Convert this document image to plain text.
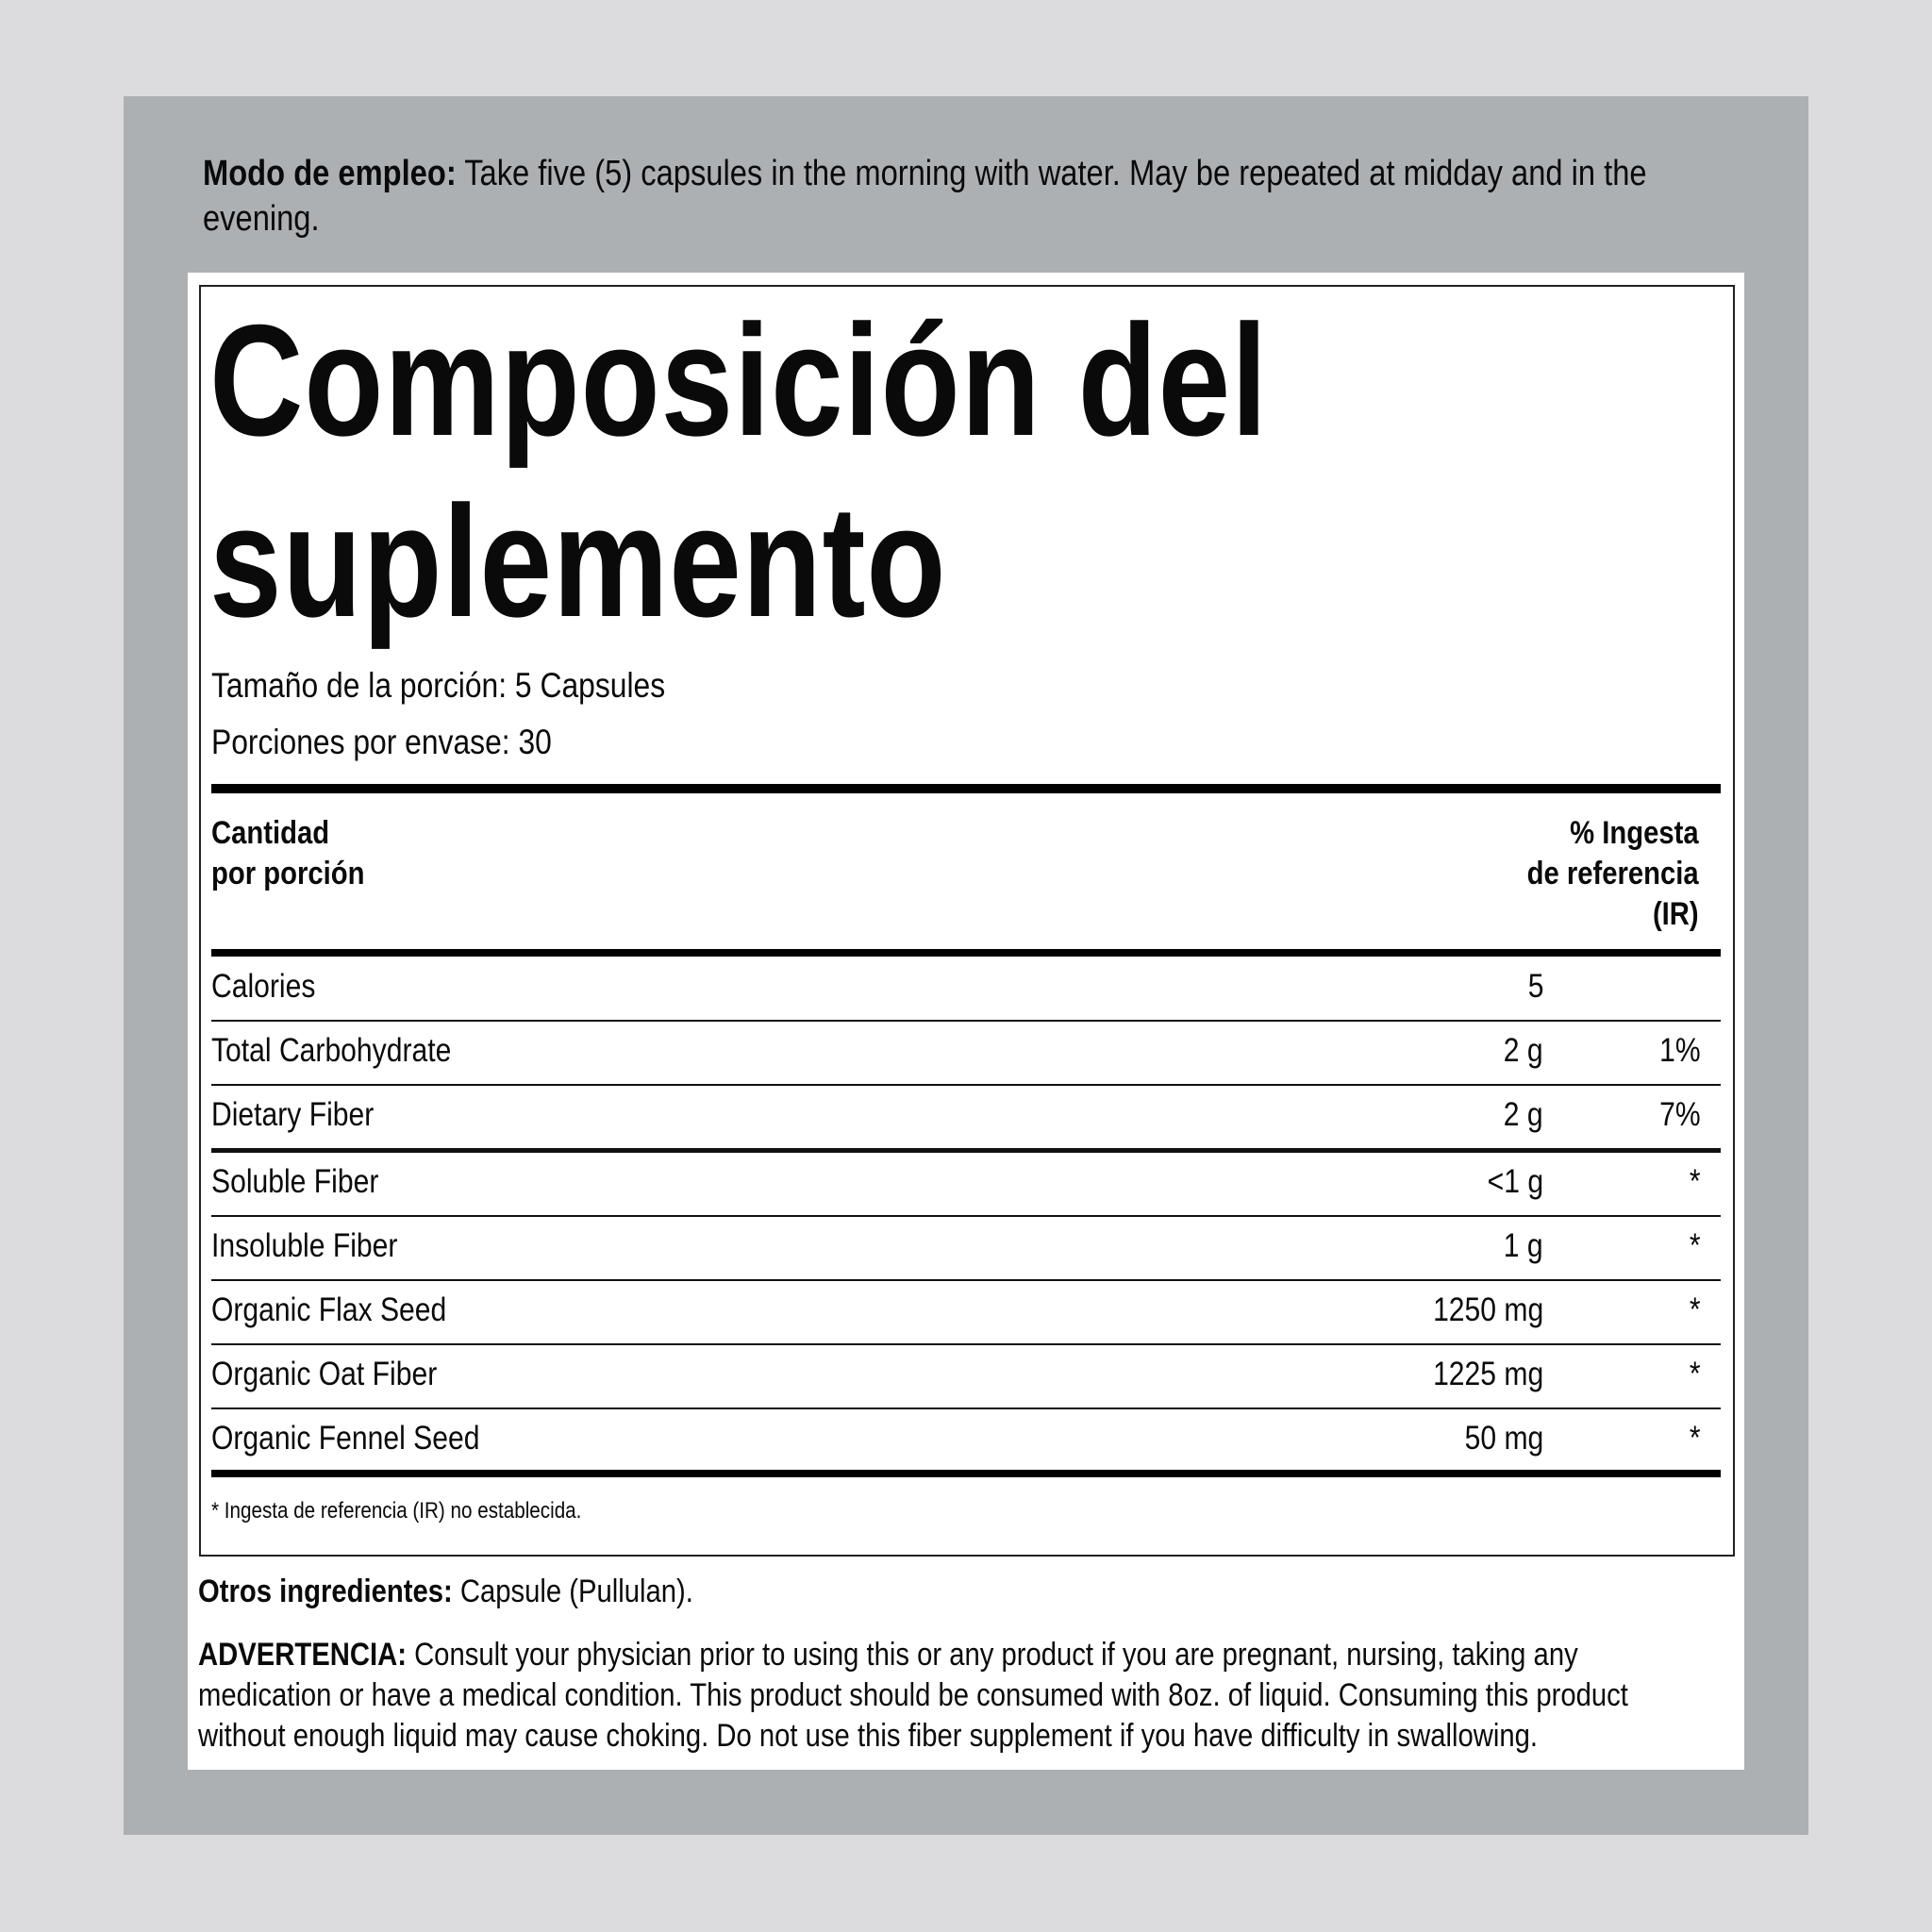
Modo de empleo: Take five (5) capsules in the morning with water. May be repeated at midday and in the
evening.
Composición del
suplemento
Tamaño de la porción: 5 Capsules
Porciones por envase: 30
Cantidad
por porción
% Ingesta
de referencia
(IR)
Calories	5
Total Carbohydrate	2 g	1%
Dietary Fiber	2 g	7%
Soluble Fiber	<1 g	*
Insoluble Fiber	1 g	*
Organic Flax Seed	1250 mg	*
Organic Oat Fiber	1225 mg	*
Organic Fennel Seed	50 mg	*
* Ingesta de referencia (IR) no establecida.
Otros ingredientes: Capsule (Pullulan).
ADVERTENCIA: Consult your physician prior to using this or any product if you are pregnant, nursing, taking any
medication or have a medical condition. This product should be consumed with 8oz. of liquid. Consuming this product
without enough liquid may cause choking. Do not use this fiber supplement if you have difficulty in swallowing.
